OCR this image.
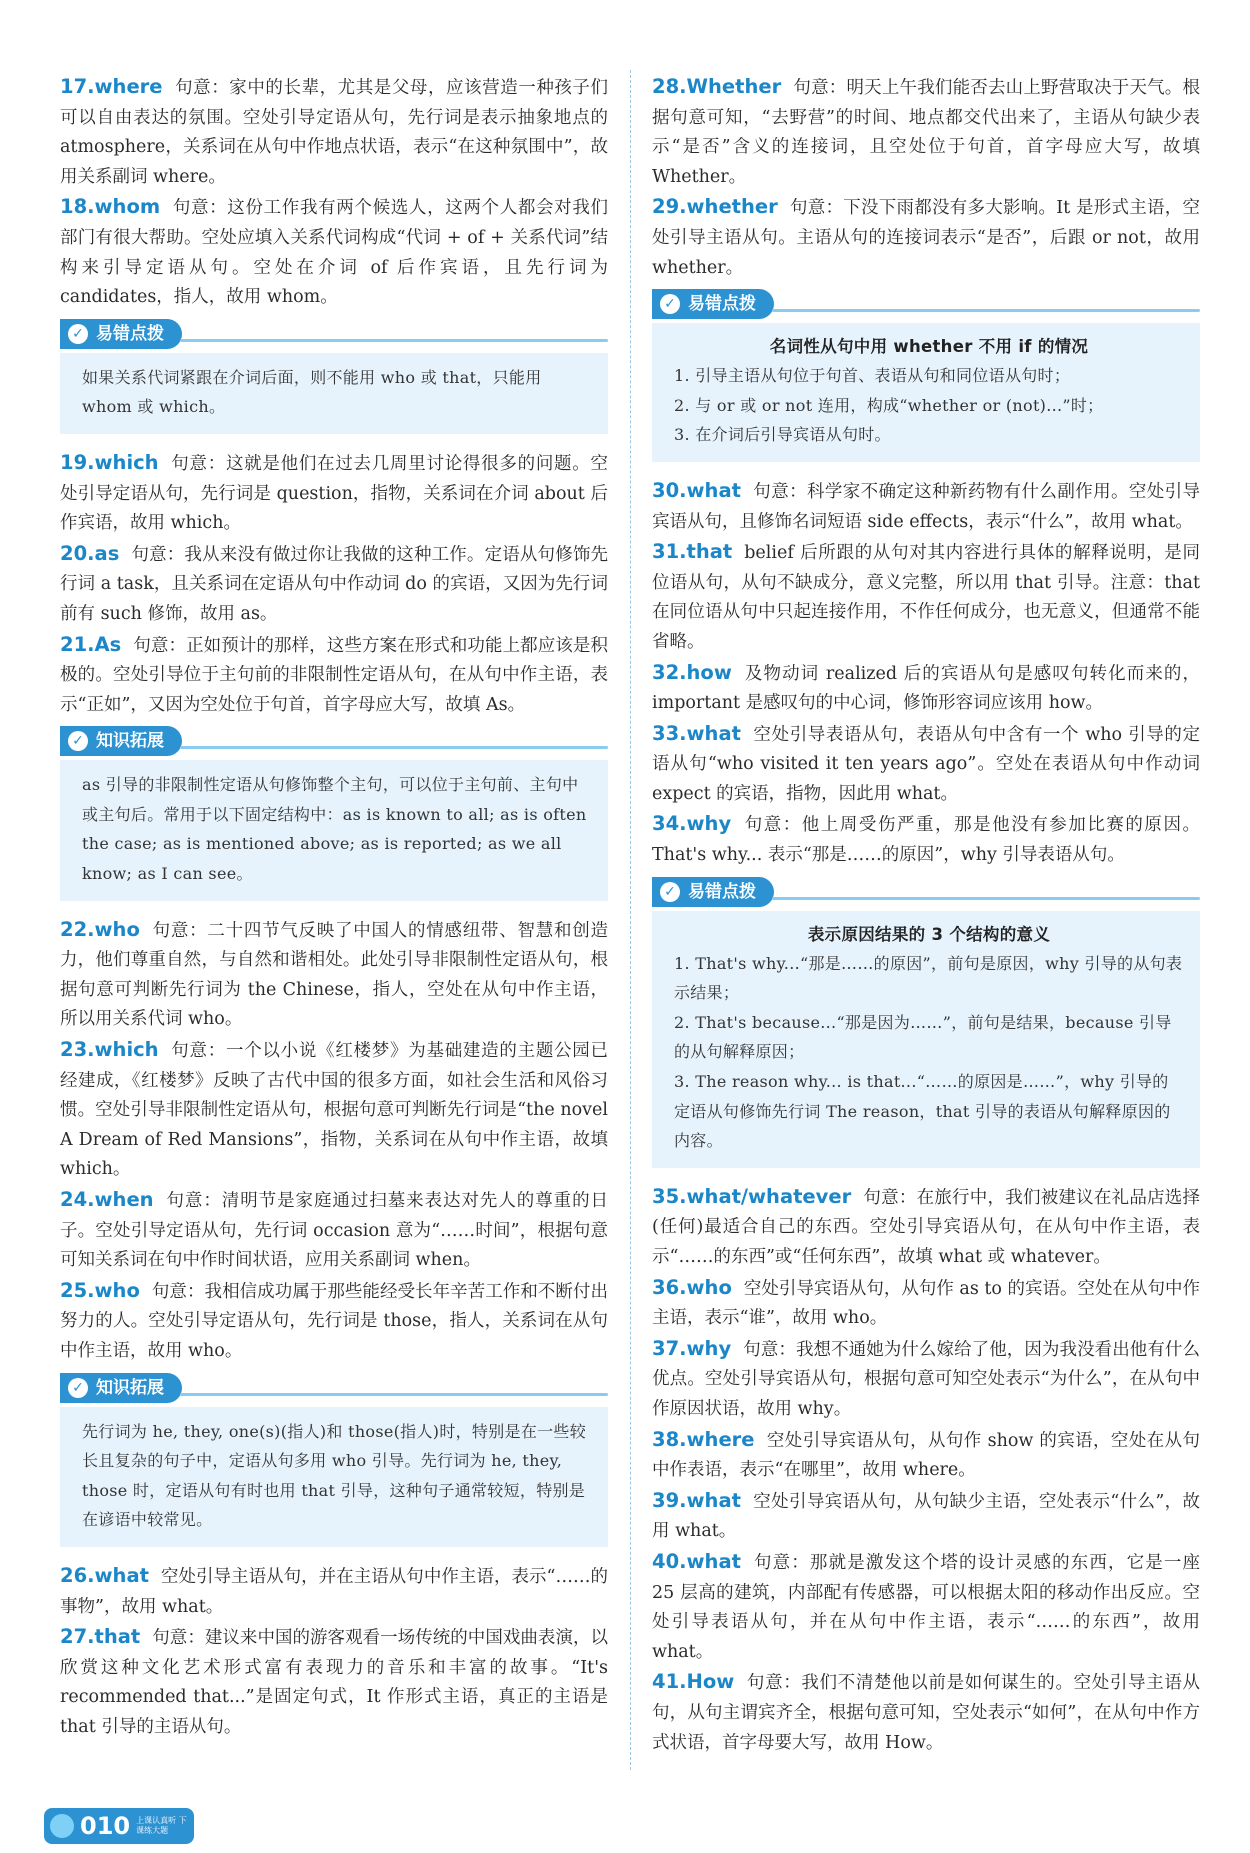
17.where 句意：家中的长辈，尤其是父母，应该营造一种孩子们可以自由表达的氛围。空处引导定语从句，先行词是表示抽象地点的 atmosphere，关系词在从句中作地点状语，表示“在这种氛围中”，故用关系副词 where。

18.whom 句意：这份工作我有两个候选人，这两个人都会对我们部门有很大帮助。空处应填入关系代词构成“代词 + of + 关系代词”结构来引导定语从句。空处在介词 of 后作宾语，且先行词为 candidates，指人，故用 whom。

✓ 易错点拨
如果关系代词紧跟在介词后面，则不能用 who 或 that，只能用 whom 或 which。

19.which 句意：这就是他们在过去几周里讨论得很多的问题。空处引导定语从句，先行词是 question，指物，关系词在介词 about 后作宾语，故用 which。

20.as 句意：我从来没有做过你让我做的这种工作。定语从句修饰先行词 a task，且关系词在定语从句中作动词 do 的宾语，又因为先行词前有 such 修饰，故用 as。

21.As 句意：正如预计的那样，这些方案在形式和功能上都应该是积极的。空处引导位于主句前的非限制性定语从句，在从句中作主语，表示“正如”，又因为空处位于句首，首字母应大写，故填 As。

✓ 知识拓展
as 引导的非限制性定语从句修饰整个主句，可以位于主句前、主句中或主句后。常用于以下固定结构中：as is known to all; as is often the case; as is mentioned above; as is reported; as we all know; as I can see。

22.who 句意：二十四节气反映了中国人的情感纽带、智慧和创造力，他们尊重自然，与自然和谐相处。此处引导非限制性定语从句，根据句意可判断先行词为 the Chinese，指人，空处在从句中作主语，所以用关系代词 who。

23.which 句意：一个以小说《红楼梦》为基础建造的主题公园已经建成，《红楼梦》反映了古代中国的很多方面，如社会生活和风俗习惯。空处引导非限制性定语从句，根据句意可判断先行词是“the novel A Dream of Red Mansions”，指物，关系词在从句中作主语，故填 which。

24.when 句意：清明节是家庭通过扫墓来表达对先人的尊重的日子。空处引导定语从句，先行词 occasion 意为“……时间”，根据句意可知关系词在句中作时间状语，应用关系副词 when。

25.who 句意：我相信成功属于那些能经受长年辛苦工作和不断付出努力的人。空处引导定语从句，先行词是 those，指人，关系词在从句中作主语，故用 who。

✓ 知识拓展
先行词为 he, they, one(s)(指人)和 those(指人)时，特别是在一些较长且复杂的句子中，定语从句多用 who 引导。先行词为 he, they, those 时，定语从句有时也用 that 引导，这种句子通常较短，特别是在谚语中较常见。

26.what 空处引导主语从句，并在主语从句中作主语，表示“……的事物”，故用 what。

27.that 句意：建议来中国的游客观看一场传统的中国戏曲表演，以欣赏这种文化艺术形式富有表现力的音乐和丰富的故事。“It's recommended that...”是固定句式，It 作形式主语，真正的主语是 that 引导的主语从句。

28.Whether 句意：明天上午我们能否去山上野营取决于天气。根据句意可知，“去野营”的时间、地点都交代出来了，主语从句缺少表示“是否”含义的连接词，且空处位于句首，首字母应大写，故填 Whether。

29.whether 句意：下没下雨都没有多大影响。It 是形式主语，空处引导主语从句。主语从句的连接词表示“是否”，后跟 or not，故用 whether。

✓ 易错点拨
名词性从句中用 whether 不用 if 的情况
1. 引导主语从句位于句首、表语从句和同位语从句时；
2. 与 or 或 or not 连用，构成“whether or (not)...”时；
3. 在介词后引导宾语从句时。

30.what 句意：科学家不确定这种新药物有什么副作用。空处引导宾语从句，且修饰名词短语 side effects，表示“什么”，故用 what。

31.that belief 后所跟的从句对其内容进行具体的解释说明，是同位语从句，从句不缺成分，意义完整，所以用 that 引导。注意：that 在同位语从句中只起连接作用，不作任何成分，也无意义，但通常不能省略。

32.how 及物动词 realized 后的宾语从句是感叹句转化而来的，important 是感叹句的中心词，修饰形容词应该用 how。

33.what 空处引导表语从句，表语从句中含有一个 who 引导的定语从句“who visited it ten years ago”。空处在表语从句中作动词 expect 的宾语，指物，因此用 what。

34.why 句意：他上周受伤严重，那是他没有参加比赛的原因。That's why... 表示“那是……的原因”，why 引导表语从句。

✓ 易错点拨
表示原因结果的 3 个结构的意义
1. That's why...“那是……的原因”，前句是原因，why 引导的从句表示结果；
2. That's because...“那是因为……”，前句是结果，because 引导的从句解释原因；
3. The reason why... is that...“……的原因是……”，why 引导的定语从句修饰先行词 The reason，that 引导的表语从句解释原因的内容。

35.what/whatever 句意：在旅行中，我们被建议在礼品店选择(任何)最适合自己的东西。空处引导宾语从句，在从句中作主语，表示“……的东西”或“任何东西”，故填 what 或 whatever。

36.who 空处引导宾语从句，从句作 as to 的宾语。空处在从句中作主语，表示“谁”，故用 who。

37.why 句意：我想不通她为什么嫁给了他，因为我没看出他有什么优点。空处引导宾语从句，根据句意可知空处表示“为什么”，在从句中作原因状语，故用 why。

38.where 空处引导宾语从句，从句作 show 的宾语，空处在从句中作表语，表示“在哪里”，故用 where。

39.what 空处引导宾语从句，从句缺少主语，空处表示“什么”，故用 what。

40.what 句意：那就是激发这个塔的设计灵感的东西，它是一座 25 层高的建筑，内部配有传感器，可以根据太阳的移动作出反应。空处引导表语从句，并在从句中作主语，表示“……的东西”，故用 what。

41.How 句意：我们不清楚他以前是如何谋生的。空处引导主语从句，从句主谓宾齐全，根据句意可知，空处表示“如何”，在从句中作方式状语，首字母要大写，故用 How。

010 上课认真听 下课练大题
